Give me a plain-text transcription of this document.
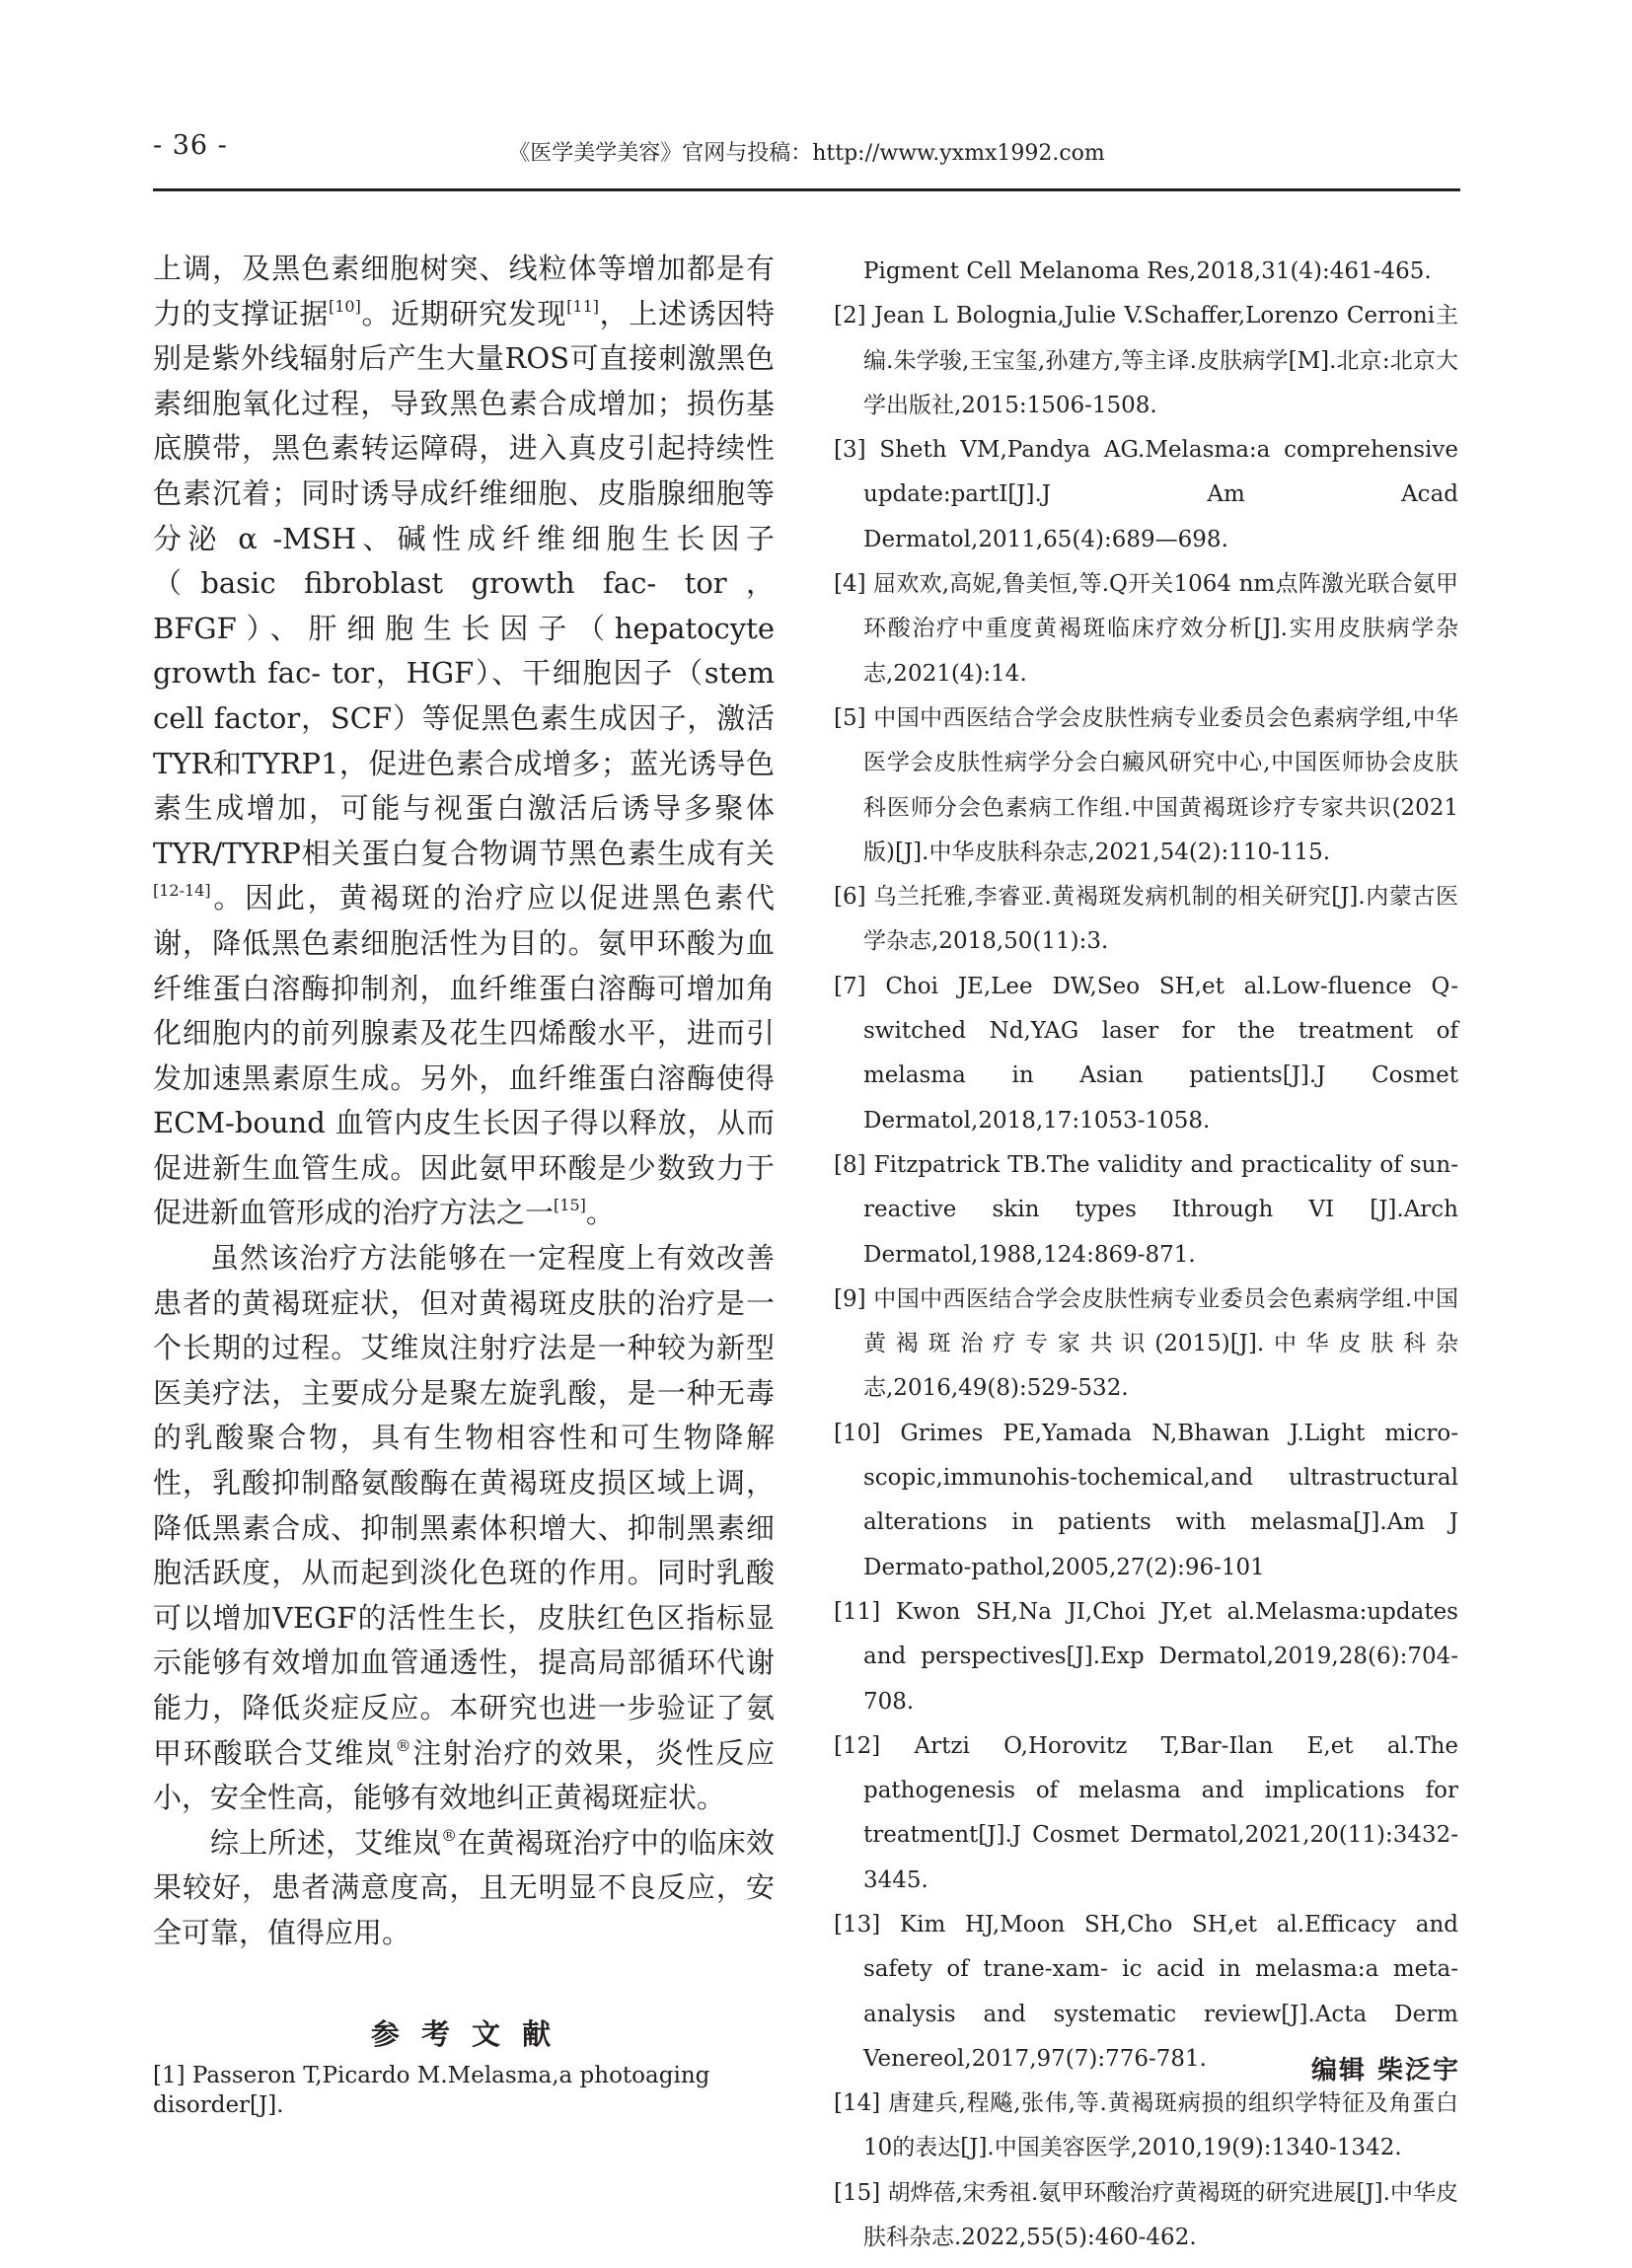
- 36 -	《医学美学美容》官网与投稿：http://www.yxmx1992.com

上调，及黑色素细胞树突、线粒体等增加都是有力的支撑证据[10]。近期研究发现[11]，上述诱因特别是紫外线辐射后产生大量ROS可直接刺激黑色素细胞氧化过程，导致黑色素合成增加；损伤基底膜带，黑色素转运障碍，进入真皮引起持续性色素沉着；同时诱导成纤维细胞、皮脂腺细胞等分泌 α -MSH、碱性成纤维细胞生长因子（basic fibroblast growth fac- tor，BFGF）、肝细胞生长因子（hepatocyte growth fac- tor，HGF）、干细胞因子（stem cell factor，SCF）等促黑色素生成因子，激活TYR和TYRP1，促进色素合成增多；蓝光诱导色素生成增加，可能与视蛋白激活后诱导多聚体TYR/TYRP相关蛋白复合物调节黑色素生成有关[12-14]。因此，黄褐斑的治疗应以促进黑色素代谢，降低黑色素细胞活性为目的。氨甲环酸为血纤维蛋白溶酶抑制剂，血纤维蛋白溶酶可增加角化细胞内的前列腺素及花生四烯酸水平，进而引发加速黑素原生成。另外，血纤维蛋白溶酶使得 ECM-bound 血管内皮生长因子得以释放，从而促进新生血管生成。因此氨甲环酸是少数致力于促进新血管形成的治疗方法之一[15]。

虽然该治疗方法能够在一定程度上有效改善患者的黄褐斑症状，但对黄褐斑皮肤的治疗是一个长期的过程。艾维岚注射疗法是一种较为新型医美疗法，主要成分是聚左旋乳酸，是一种无毒的乳酸聚合物，具有生物相容性和可生物降解性，乳酸抑制酪氨酸酶在黄褐斑皮损区域上调，降低黑素合成、抑制黑素体积增大、抑制黑素细胞活跃度，从而起到淡化色斑的作用。同时乳酸可以增加VEGF的活性生长，皮肤红色区指标显示能够有效增加血管通透性，提高局部循环代谢能力，降低炎症反应。本研究也进一步验证了氨甲环酸联合艾维岚®注射治疗的效果，炎性反应小，安全性高，能够有效地纠正黄褐斑症状。

综上所述，艾维岚®在黄褐斑治疗中的临床效果较好，患者满意度高，且无明显不良反应，安全可靠，值得应用。

参 考 文 献
[1] Passeron T,Picardo M.Melasma,a photoaging disorder[J].
Pigment Cell Melanoma Res,2018,31(4):461-465.
[2] Jean L Bolognia,Julie V.Schaffer,Lorenzo Cerroni主编.朱学骏,王宝玺,孙建方,等主译.皮肤病学[M].北京:北京大学出版社,2015:1506-1508.
[3] Sheth VM,Pandya AG.Melasma:a comprehensive update:partI[J].J Am Acad Dermatol,2011,65(4):689—698.
[4] 屈欢欢,高妮,鲁美恒,等.Q开关1064 nm点阵激光联合氨甲环酸治疗中重度黄褐斑临床疗效分析[J].实用皮肤病学杂志,2021(4):14.
[5] 中国中西医结合学会皮肤性病专业委员会色素病学组,中华医学会皮肤性病学分会白癜风研究中心,中国医师协会皮肤科医师分会色素病工作组.中国黄褐斑诊疗专家共识(2021版)[J].中华皮肤科杂志,2021,54(2):110-115.
[6] 乌兰托雅,李睿亚.黄褐斑发病机制的相关研究[J].内蒙古医学杂志,2018,50(11):3.
[7] Choi JE,Lee DW,Seo SH,et al.Low-fluence Q-switched Nd,YAG laser for the treatment of melasma in Asian patients[J].J Cosmet Dermatol,2018,17:1053-1058.
[8] Fitzpatrick TB.The validity and practicality of sun-reactive skin types Ithrough VI [J].Arch Dermatol,1988,124:869-871.
[9] 中国中西医结合学会皮肤性病专业委员会色素病学组.中国黄褐斑治疗专家共识(2015)[J].中华皮肤科杂志,2016,49(8):529-532.
[10] Grimes PE,Yamada N,Bhawan J.Light micro-scopic,immunohis-tochemical,and ultrastructural alterations in patients with melasma[J].Am J Dermato-pathol,2005,27(2):96-101
[11] Kwon SH,Na JI,Choi JY,et al.Melasma:updates and perspectives[J].Exp Dermatol,2019,28(6):704-708.
[12] Artzi O,Horovitz T,Bar-Ilan E,et al.The pathogenesis of melasma and implications for treatment[J].J Cosmet Dermatol,2021,20(11):3432-3445.
[13] Kim HJ,Moon SH,Cho SH,et al.Efficacy and safety of trane-xam- ic acid in melasma:a meta-analysis and systematic review[J].Acta Derm Venereol,2017,97(7):776-781.
[14] 唐建兵,程飚,张伟,等.黄褐斑病损的组织学特征及角蛋白10的表达[J].中国美容医学,2010,19(9):1340-1342.
[15] 胡烨蓓,宋秀祖.氨甲环酸治疗黄褐斑的研究进展[J].中华皮肤科杂志.2022,55(5):460-462.
编辑 柴泛宇
